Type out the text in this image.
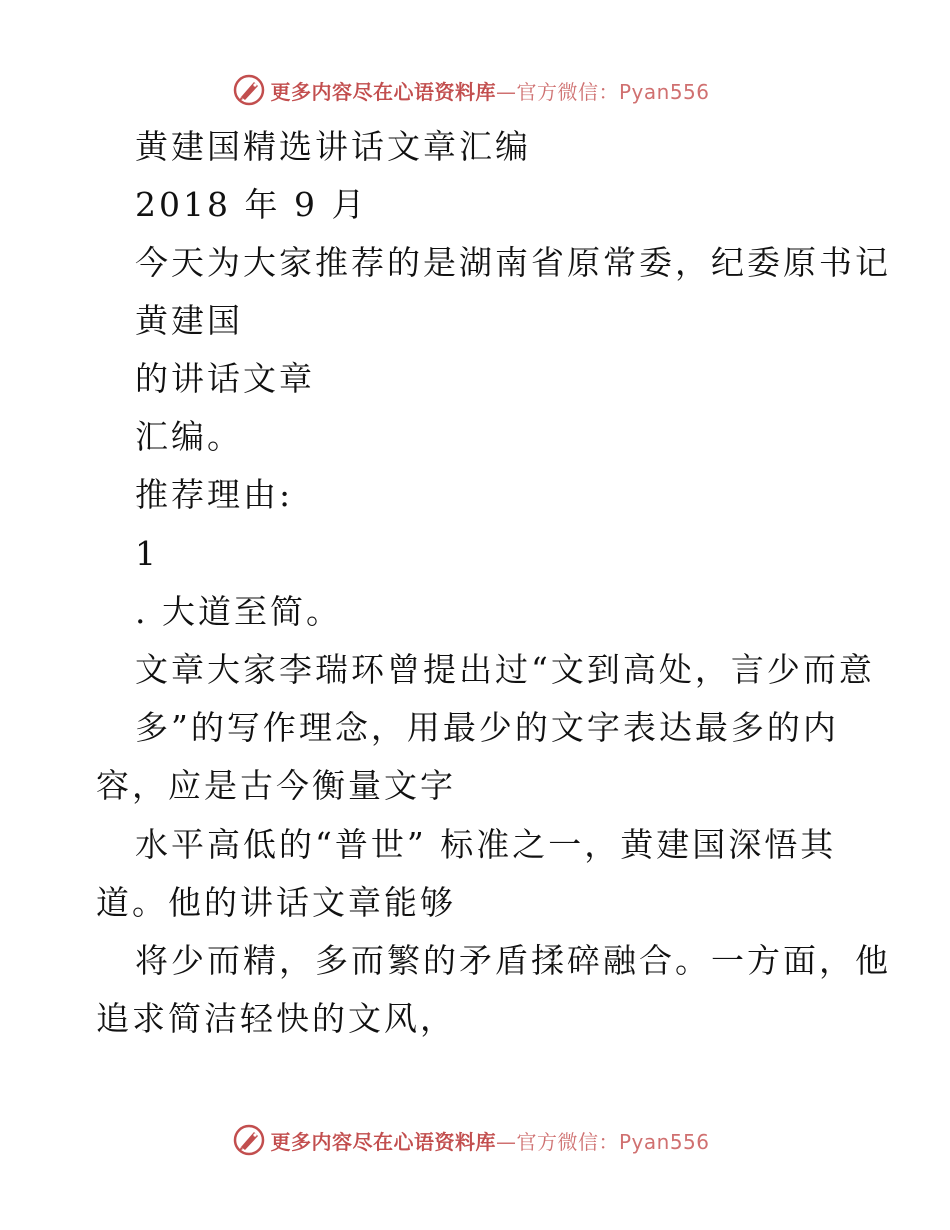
更多内容尽在心语资料库—官方微信：Pyan556
黄建国精选讲话文章汇编
2018 年 9 月
今天为大家推荐的是湖南省原常委，纪委原书记
黄建国
的讲话文章
汇编。
推荐理由:
1
. 大道至简。
文章大家李瑞环曾提出过“文到高处，言少而意
多”的写作理念，用最少的文字表达最多的内
容，应是古今衡量文字
水平高低的“普世” 标准之一，黄建国深悟其
道。他的讲话文章能够
将少而精，多而繁的矛盾揉碎融合。一方面，他
追求简洁轻快的文风，
更多内容尽在心语资料库—官方微信：Pyan556
